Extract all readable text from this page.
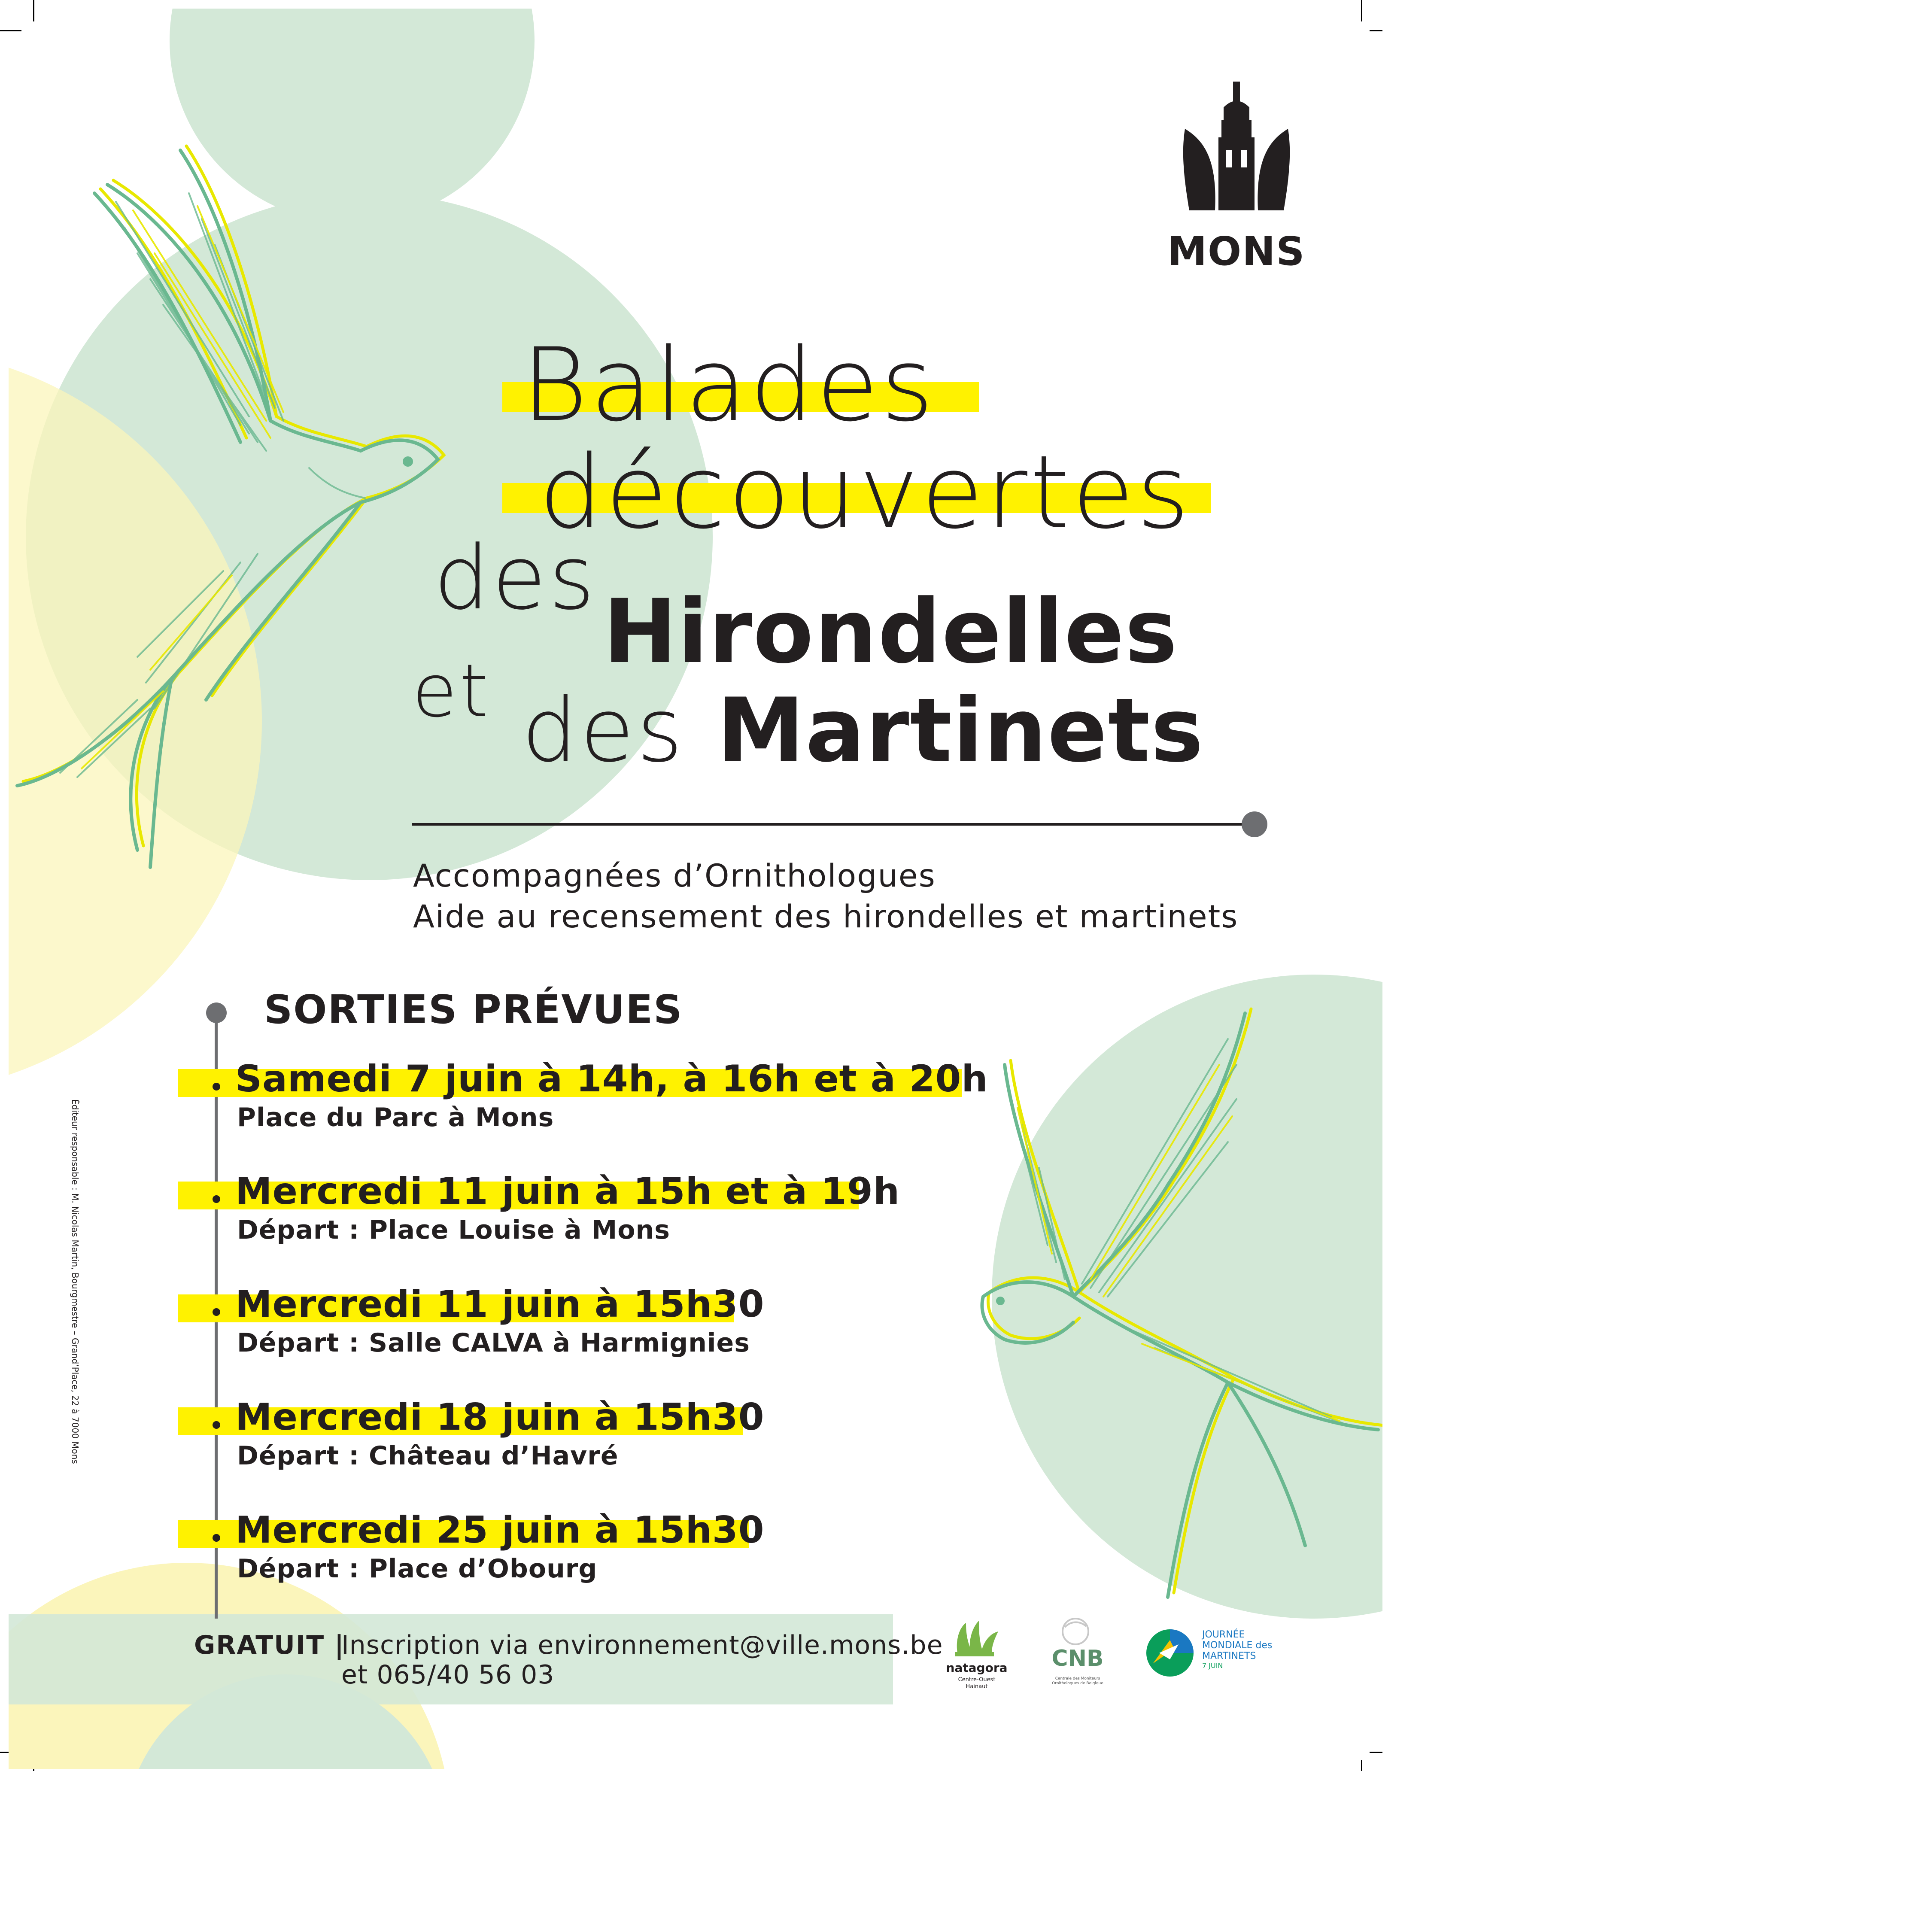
MONS
Balades
découvertes
des
Hirondelles
et des Martinets
Accompagnées d’Ornithologues
Aide au recensement des hirondelles et martinets
SORTIES PRÉVUES
Samedi 7 juin à 14h, à 16h et à 20h
Place du Parc à Mons
Mercredi 11 juin à 15h et à 19h
Départ : Place Louise à Mons
Mercredi 11 juin à 15h30
Départ : Salle CALVA à Harmignies
Mercredi 18 juin à 15h30
Départ : Château d’Havré
Mercredi 25 juin à 15h30
Départ : Place d’Obourg
GRATUIT |
Inscription via environnement@ville.mons.be
et 065/40 56 03	natagora
Centre-Ouest Hainaut
CNB
Centrale des Moniteurs Ornithologues de Belgique
JOURNÉE
MONDIALE des
MARTINETS
7 JUIN
Éditeur responsable : M. Nicolas Martin, Bourgmestre – Grand’Place, 22 à 7000 Mons
